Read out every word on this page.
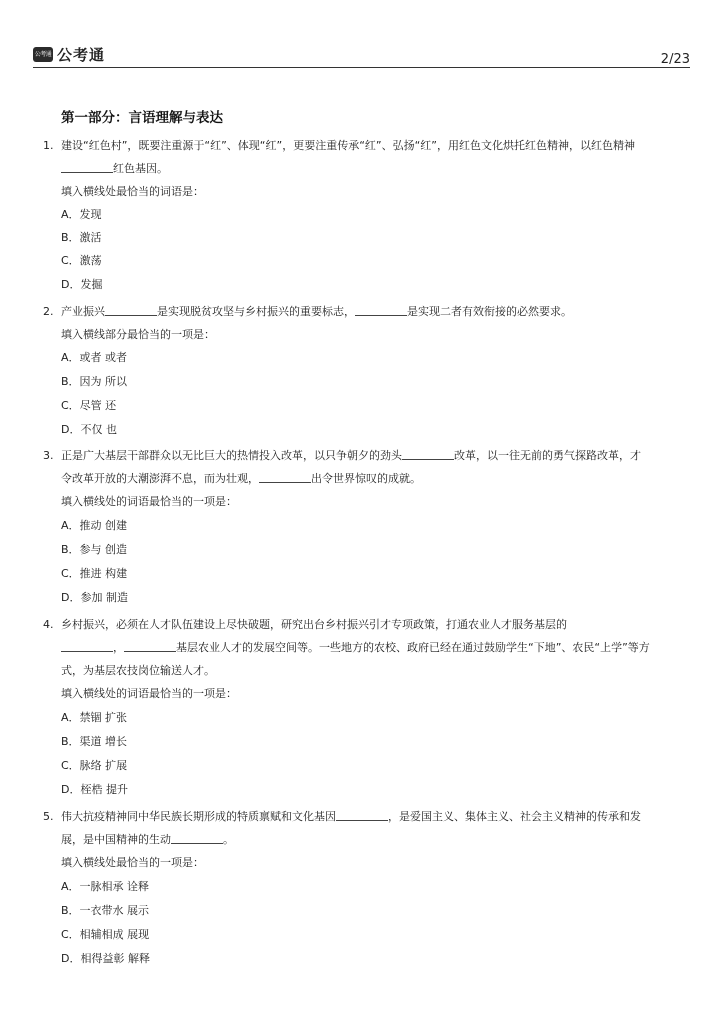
公考通 公考通	2/23
第一部分：言语理解与表达
1. 建设“红色村”，既要注重源于“红”、体现“红”，更要注重传承“红”、弘扬“红”，用红色文化烘托红色精神，以红色精神
红色基因。
填入横线处最恰当的词语是：
A．发现
B．激活
C．激荡
D．发掘
2. 产业振兴	是实现脱贫攻坚与乡村振兴的重要标志，	是实现二者有效衔接的必然要求。
填入横线部分最恰当的一项是：
A．或者 或者
B．因为 所以
C．尽管 还
D．不仅 也
3. 正是广大基层干部群众以无比巨大的热情投入改革，以只争朝夕的劲头	改革，以一往无前的勇气探路改革，才
令改革开放的大潮澎湃不息，而为壮观，	出令世界惊叹的成就。
填入横线处的词语最恰当的一项是：
A．推动 创建
B．参与 创造
C．推进 构建
D．参加 制造
4. 乡村振兴，必须在人才队伍建设上尽快破题，研究出台乡村振兴引才专项政策，打通农业人才服务基层的
，	基层农业人才的发展空间等。一些地方的农校、政府已经在通过鼓励学生“下地”、农民“上学”等方
式，为基层农技岗位输送人才。
填入横线处的词语最恰当的一项是：
A．禁锢 扩张
B．渠道 增长
C．脉络 扩展
D．桎梏 提升
5. 伟大抗疫精神同中华民族长期形成的特质禀赋和文化基因	，是爱国主义、集体主义、社会主义精神的传承和发
展，是中国精神的生动	。
填入横线处最恰当的一项是：
A．一脉相承 诠释
B．一衣带水 展示
C．相辅相成 展现
D．相得益彰 解释
